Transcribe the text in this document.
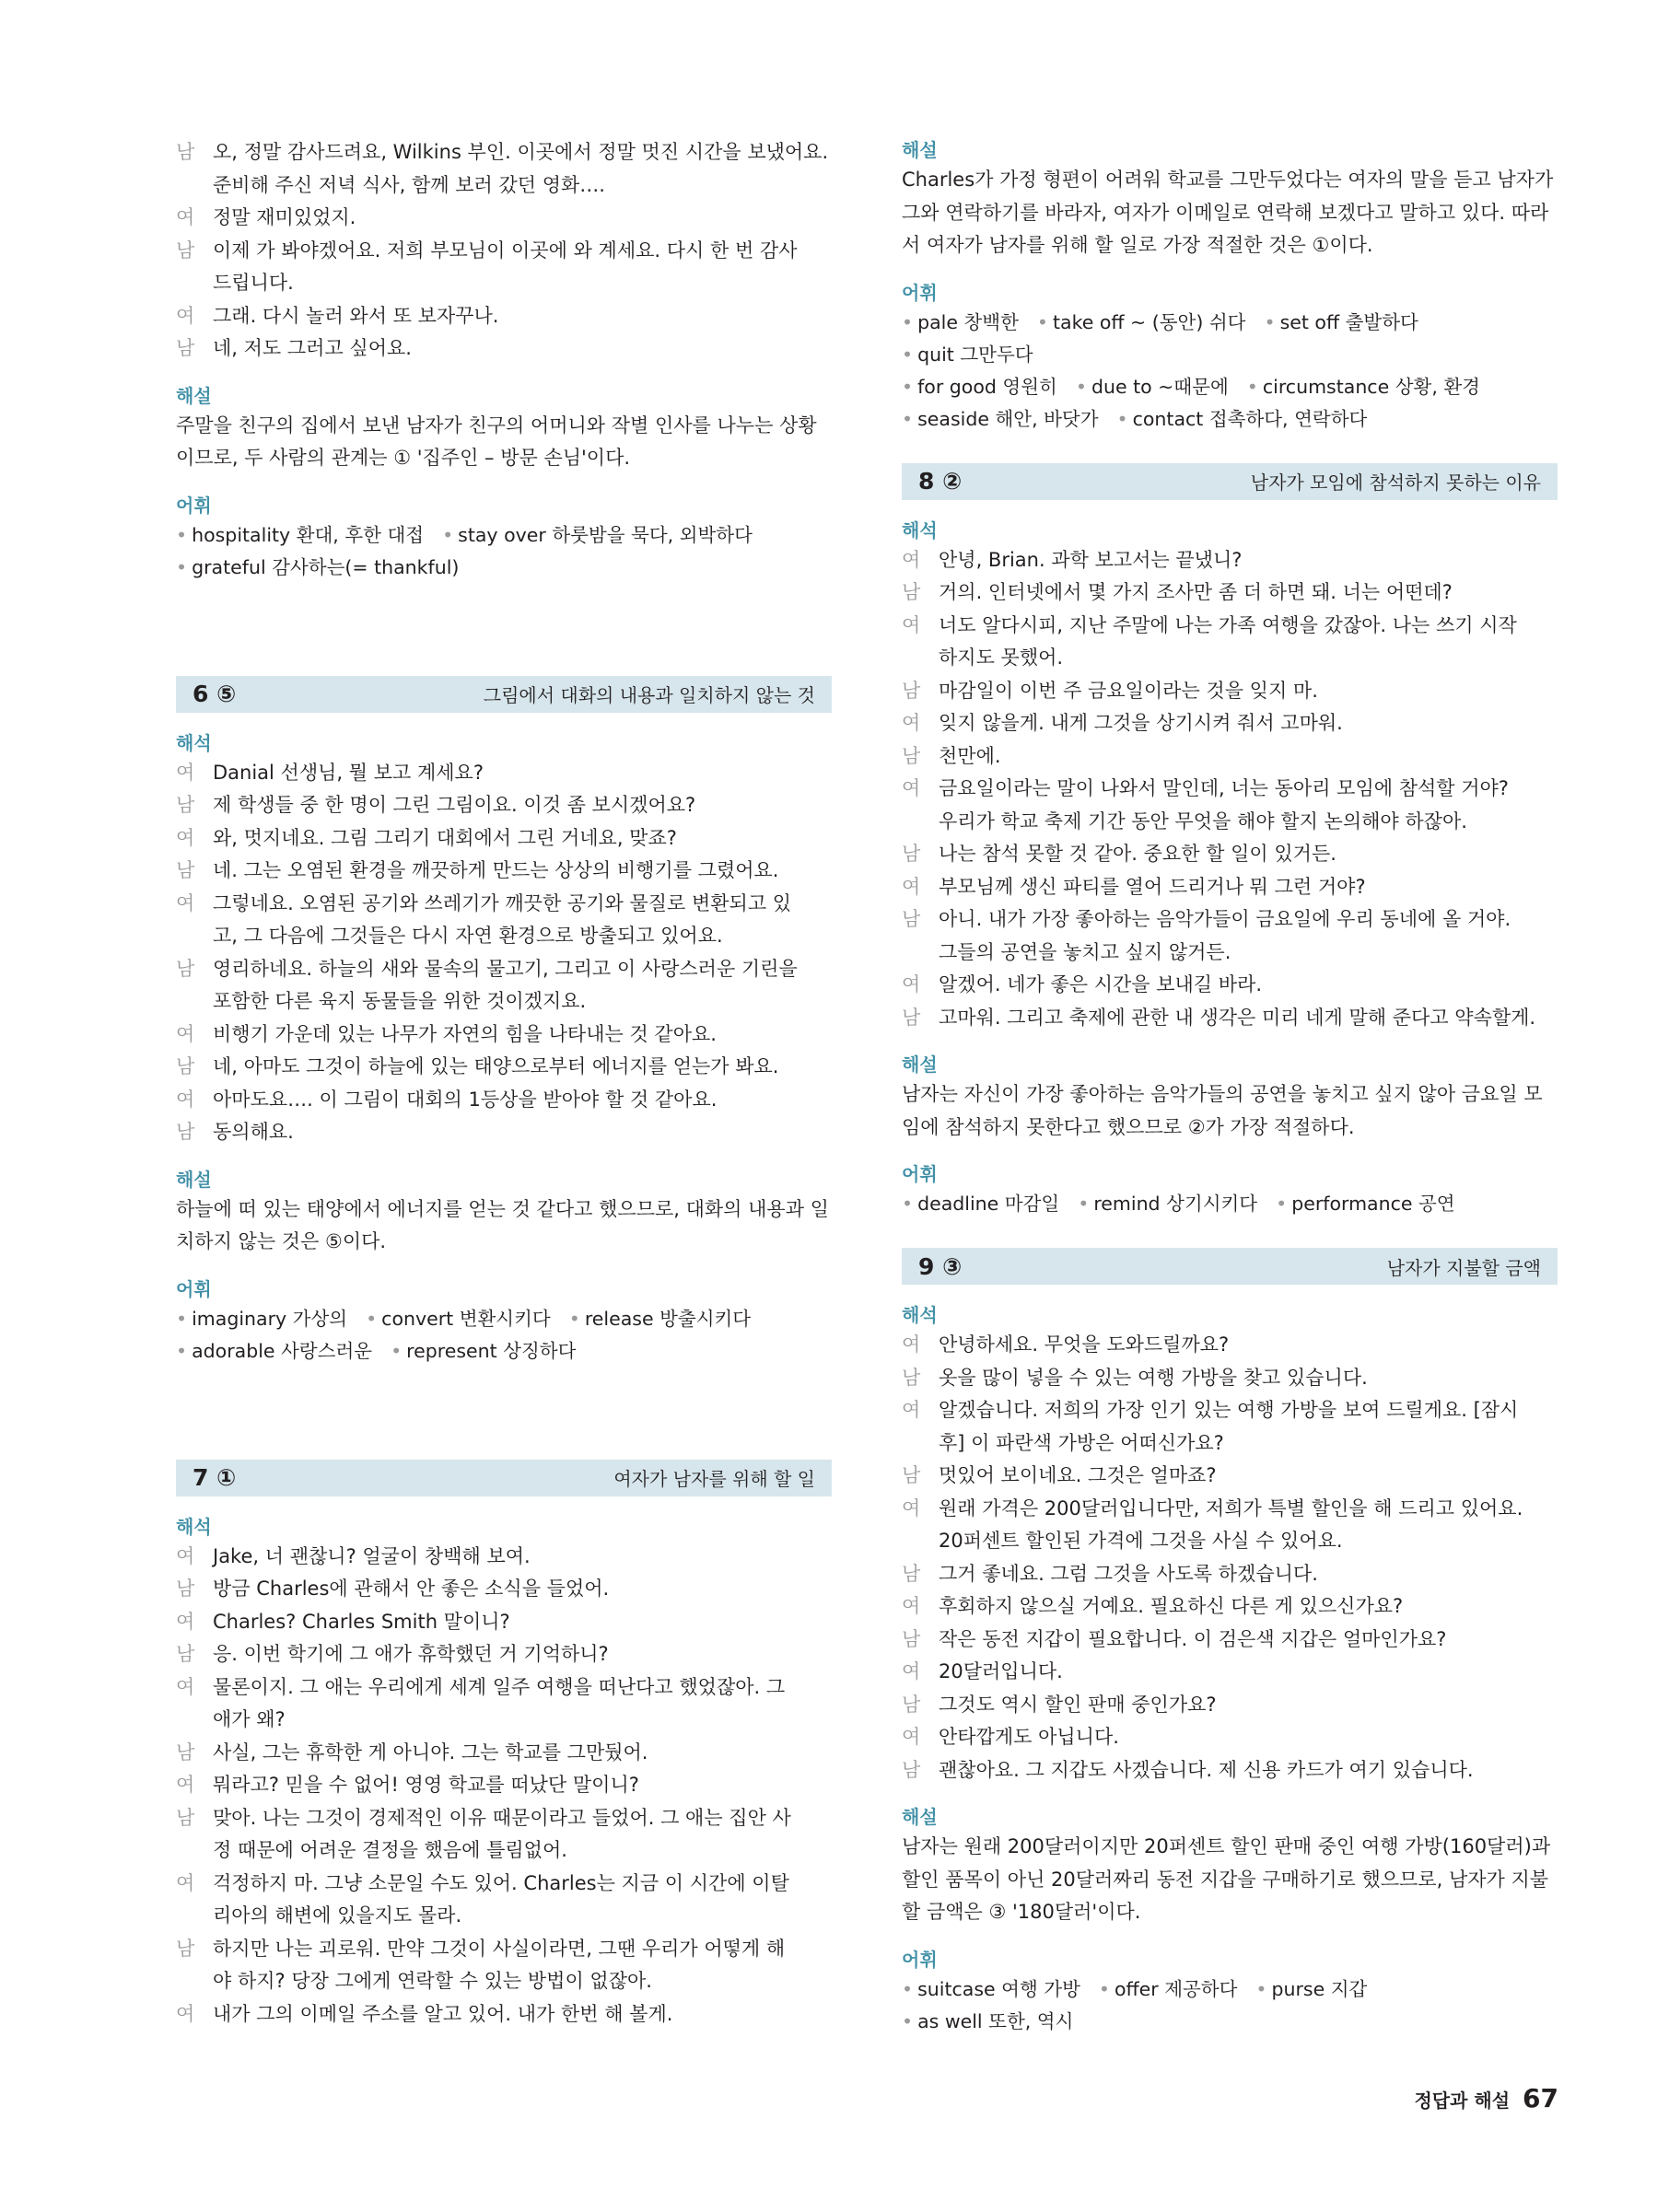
남 오, 정말 감사드려요, Wilkins 부인. 이곳에서 정말 멋진 시간을 보냈어요.
준비해 주신 저녁 식사, 함께 보러 갔던 영화….
여 정말 재미있었지.
남 이제 가 봐야겠어요. 저희 부모님이 이곳에 와 계세요. 다시 한 번 감사
드립니다.
여 그래. 다시 놀러 와서 또 보자꾸나.
남 네, 저도 그러고 싶어요.
해설
주말을 친구의 집에서 보낸 남자가 친구의 어머니와 작별 인사를 나누는 상황이므로, 두 사람의 관계는 ① '집주인 – 방문 손님'이다.
어휘
• hospitality 환대, 후한 대접 • stay over 하룻밤을 묵다, 외박하다
• grateful 감사하는(= thankful)
6 ⑤	그림에서 대화의 내용과 일치하지 않는 것
해석
여 Danial 선생님, 뭘 보고 계세요?
남 제 학생들 중 한 명이 그린 그림이요. 이것 좀 보시겠어요?
여 와, 멋지네요. 그림 그리기 대회에서 그린 거네요, 맞죠?
남 네. 그는 오염된 환경을 깨끗하게 만드는 상상의 비행기를 그렸어요.
여 그렇네요. 오염된 공기와 쓰레기가 깨끗한 공기와 물질로 변환되고 있
고, 그 다음에 그것들은 다시 자연 환경으로 방출되고 있어요.
남 영리하네요. 하늘의 새와 물속의 물고기, 그리고 이 사랑스러운 기린을
포함한 다른 육지 동물들을 위한 것이겠지요.
여 비행기 가운데 있는 나무가 자연의 힘을 나타내는 것 같아요.
남 네, 아마도 그것이 하늘에 있는 태양으로부터 에너지를 얻는가 봐요.
여 아마도요…. 이 그림이 대회의 1등상을 받아야 할 것 같아요.
남 동의해요.
해설
하늘에 떠 있는 태양에서 에너지를 얻는 것 같다고 했으므로, 대화의 내용과 일치하지 않는 것은 ⑤이다.
어휘
• imaginary 가상의 • convert 변환시키다 • release 방출시키다
• adorable 사랑스러운 • represent 상징하다
7 ①	여자가 남자를 위해 할 일
해석
여 Jake, 너 괜찮니? 얼굴이 창백해 보여.
남 방금 Charles에 관해서 안 좋은 소식을 들었어.
여 Charles? Charles Smith 말이니?
남 응. 이번 학기에 그 애가 휴학했던 거 기억하니?
여 물론이지. 그 애는 우리에게 세계 일주 여행을 떠난다고 했었잖아. 그
애가 왜?
남 사실, 그는 휴학한 게 아니야. 그는 학교를 그만뒀어.
여 뭐라고? 믿을 수 없어! 영영 학교를 떠났단 말이니?
남 맞아. 나는 그것이 경제적인 이유 때문이라고 들었어. 그 애는 집안 사
정 때문에 어려운 결정을 했음에 틀림없어.
여 걱정하지 마. 그냥 소문일 수도 있어. Charles는 지금 이 시간에 이탈
리아의 해변에 있을지도 몰라.
남 하지만 나는 괴로워. 만약 그것이 사실이라면, 그땐 우리가 어떻게 해
야 하지? 당장 그에게 연락할 수 있는 방법이 없잖아.
여 내가 그의 이메일 주소를 알고 있어. 내가 한번 해 볼게.
해설
Charles가 가정 형편이 어려워 학교를 그만두었다는 여자의 말을 듣고 남자가 그와 연락하기를 바라자, 여자가 이메일로 연락해 보겠다고 말하고 있다. 따라서 여자가 남자를 위해 할 일로 가장 적절한 것은 ①이다.
어휘
• pale 창백한 • take off ~ (동안) 쉬다 • set off 출발하다• quit 그만두다
• for good 영원히 • due to ~때문에 • circumstance 상황, 환경
• seaside 해안, 바닷가 • contact 접촉하다, 연락하다
8 ②	남자가 모임에 참석하지 못하는 이유
해석
여 안녕, Brian. 과학 보고서는 끝냈니?
남 거의. 인터넷에서 몇 가지 조사만 좀 더 하면 돼. 너는 어떤데?
여 너도 알다시피, 지난 주말에 나는 가족 여행을 갔잖아. 나는 쓰기 시작
하지도 못했어.
남 마감일이 이번 주 금요일이라는 것을 잊지 마.
여 잊지 않을게. 내게 그것을 상기시켜 줘서 고마워.
남 천만에.
여 금요일이라는 말이 나와서 말인데, 너는 동아리 모임에 참석할 거야?
우리가 학교 축제 기간 동안 무엇을 해야 할지 논의해야 하잖아.
남 나는 참석 못할 것 같아. 중요한 할 일이 있거든.
여 부모님께 생신 파티를 열어 드리거나 뭐 그런 거야?
남 아니. 내가 가장 좋아하는 음악가들이 금요일에 우리 동네에 올 거야.
그들의 공연을 놓치고 싶지 않거든.
여 알겠어. 네가 좋은 시간을 보내길 바라.
남 고마워. 그리고 축제에 관한 내 생각은 미리 네게 말해 준다고 약속할게.
해설
남자는 자신이 가장 좋아하는 음악가들의 공연을 놓치고 싶지 않아 금요일 모임에 참석하지 못한다고 했으므로 ②가 가장 적절하다.
어휘
• deadline 마감일 • remind 상기시키다 • performance 공연
9 ③	남자가 지불할 금액
해석
여 안녕하세요. 무엇을 도와드릴까요?
남 옷을 많이 넣을 수 있는 여행 가방을 찾고 있습니다.
여 알겠습니다. 저희의 가장 인기 있는 여행 가방을 보여 드릴게요. [잠시
후] 이 파란색 가방은 어떠신가요?
남 멋있어 보이네요. 그것은 얼마죠?
여 원래 가격은 200달러입니다만, 저희가 특별 할인을 해 드리고 있어요.
20퍼센트 할인된 가격에 그것을 사실 수 있어요.
남 그거 좋네요. 그럼 그것을 사도록 하겠습니다.
여 후회하지 않으실 거예요. 필요하신 다른 게 있으신가요?
남 작은 동전 지갑이 필요합니다. 이 검은색 지갑은 얼마인가요?
여 20달러입니다.
남 그것도 역시 할인 판매 중인가요?
여 안타깝게도 아닙니다.
남 괜찮아요. 그 지갑도 사겠습니다. 제 신용 카드가 여기 있습니다.
해설
남자는 원래 200달러이지만 20퍼센트 할인 판매 중인 여행 가방(160달러)과 할인 품목이 아닌 20달러짜리 동전 지갑을 구매하기로 했으므로, 남자가 지불할 금액은 ③ '180달러'이다.
어휘
• suitcase 여행 가방 • offer 제공하다 • purse 지갑• as well 또한, 역시
정답과 해설 67
